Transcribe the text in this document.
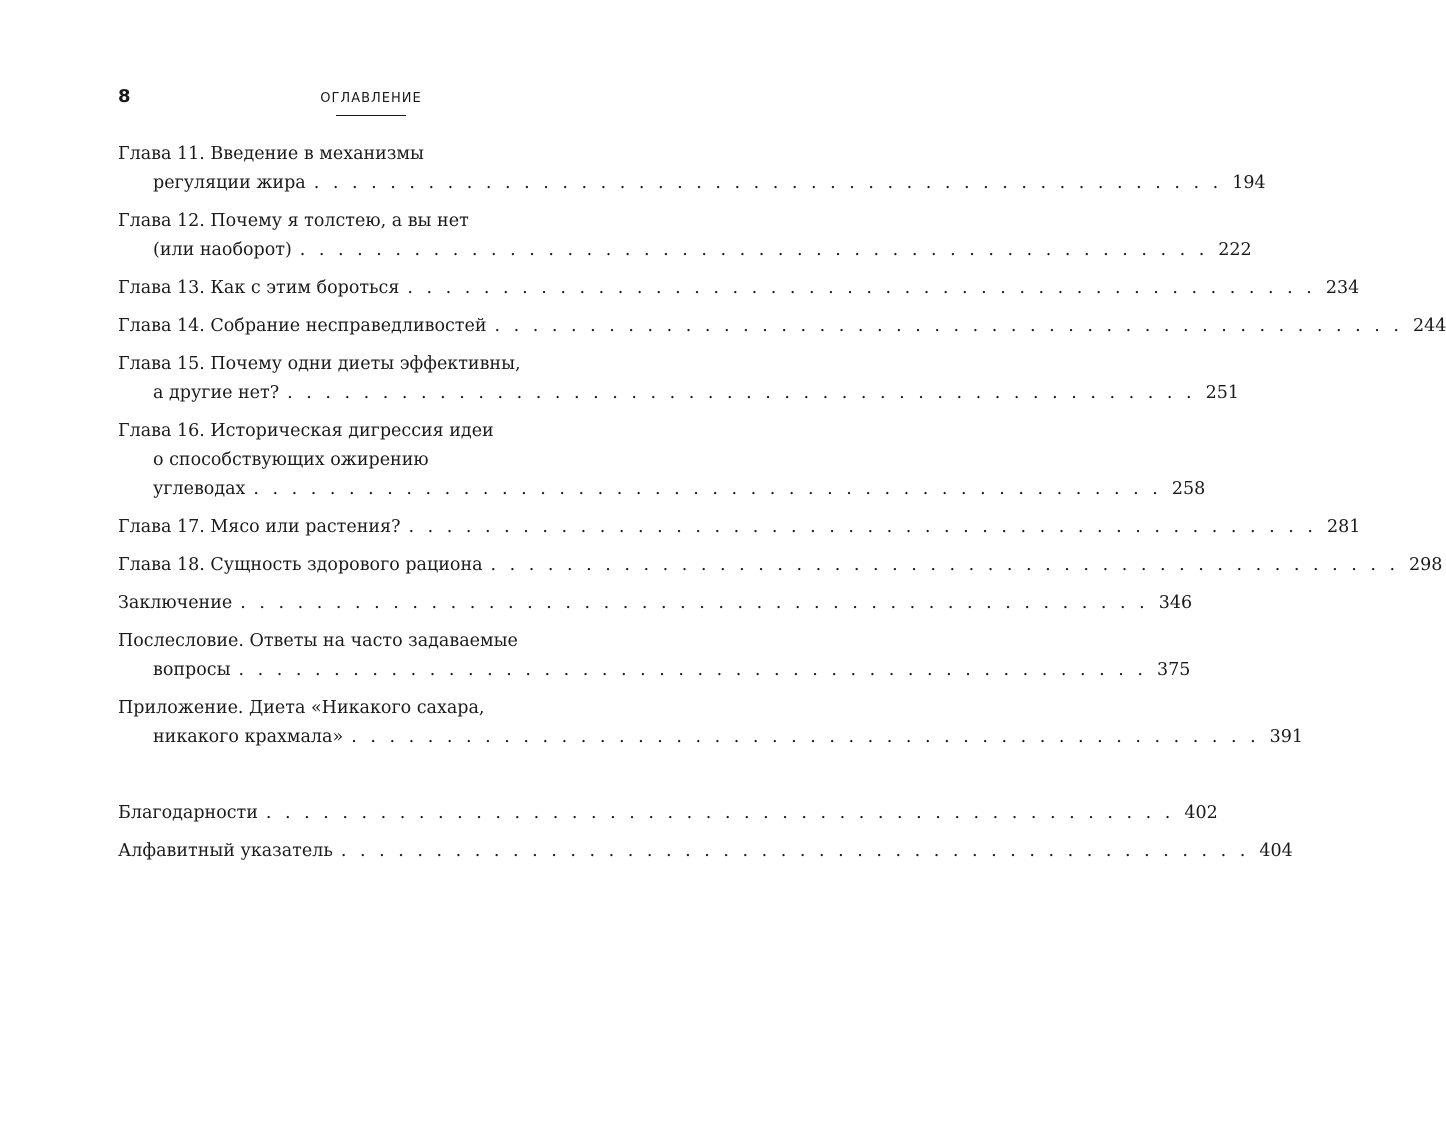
8	ОГЛАВЛЕНИЕ
Глава 11. Введение в механизмы
регуляции жира . . . . . . . . . . . . . . . . . . . . . . . . . . . . . . . . . . . . . . . . . . . . . . . . 194
Глава 12. Почему я толстею, а вы нет
(или наоборот) . . . . . . . . . . . . . . . . . . . . . . . . . . . . . . . . . . . . . . . . . . . . . . . . 222
Глава 13. Как с этим бороться . . . . . . . . . . . . . . . . . . . . . . . . . . . . . . . . . . . . . . . . . . . . . . . . 234
Глава 14. Собрание несправедливостей . . . . . . . . . . . . . . . . . . . . . . . . . . . . . . . . . . . . . . . . . . . . . . . . 244
Глава 15. Почему одни диеты эффективны,
а другие нет? . . . . . . . . . . . . . . . . . . . . . . . . . . . . . . . . . . . . . . . . . . . . . . . . 251
Глава 16. Историческая дигрессия идеи
о способствующих ожирению
углеводах . . . . . . . . . . . . . . . . . . . . . . . . . . . . . . . . . . . . . . . . . . . . . . . . 258
Глава 17. Мясо или растения? . . . . . . . . . . . . . . . . . . . . . . . . . . . . . . . . . . . . . . . . . . . . . . . . 281
Глава 18. Сущность здорового рациона . . . . . . . . . . . . . . . . . . . . . . . . . . . . . . . . . . . . . . . . . . . . . . . . 298
Заключение . . . . . . . . . . . . . . . . . . . . . . . . . . . . . . . . . . . . . . . . . . . . . . . . 346
Послесловие. Ответы на часто задаваемые
вопросы . . . . . . . . . . . . . . . . . . . . . . . . . . . . . . . . . . . . . . . . . . . . . . . . 375
Приложение. Диета «Никакого сахара,
никакого крахмала» . . . . . . . . . . . . . . . . . . . . . . . . . . . . . . . . . . . . . . . . . . . . . . . . 391
Благодарности . . . . . . . . . . . . . . . . . . . . . . . . . . . . . . . . . . . . . . . . . . . . . . . . 402
Алфавитный указатель . . . . . . . . . . . . . . . . . . . . . . . . . . . . . . . . . . . . . . . . . . . . . . . . 404
